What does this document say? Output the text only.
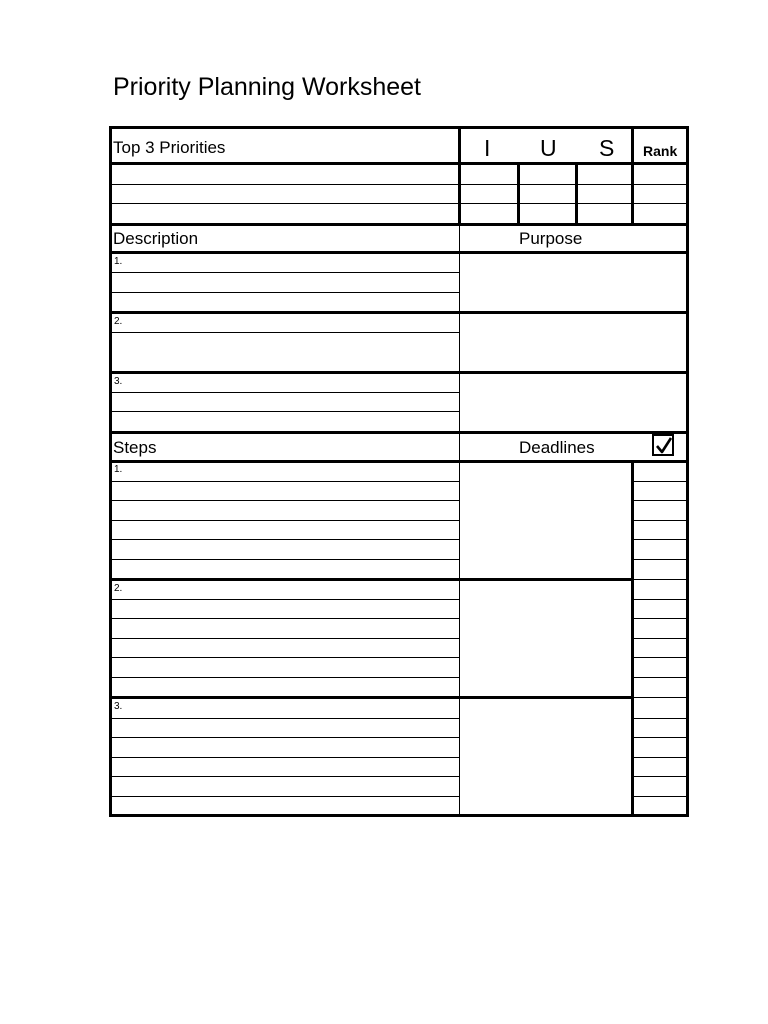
Priority Planning Worksheet
Top 3 Priorities	I U S Rank
Description	Purpose
1.
2.
3.
Steps	Deadlines
1.
2.
3.
